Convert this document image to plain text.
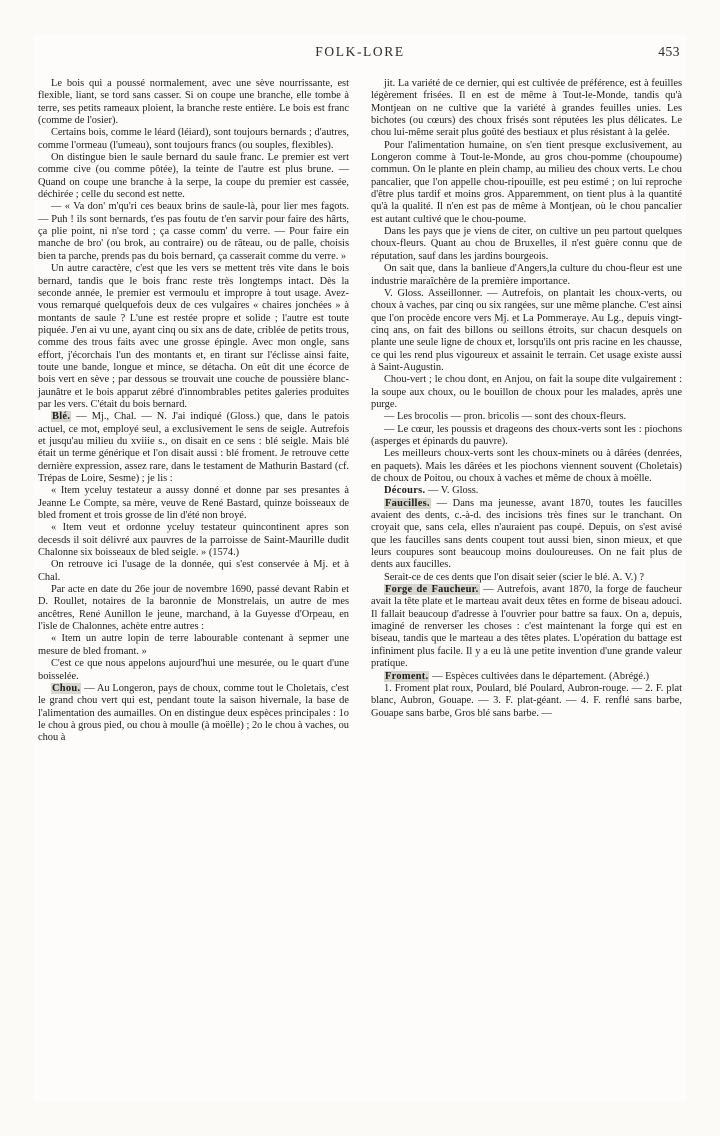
FOLK-LORE	453

Le bois qui a poussé normalement, avec une sève nourrissante, est flexible, liant, se tord sans casser. Si on coupe une branche, elle tombe à terre, ses petits rameaux ploient, la branche reste entière. Le bois est franc (comme de l'osier).

Certains bois, comme le léard (léiard), sont toujours bernards ; d'autres, comme l'ormeau (l'umeau), sont toujours francs (ou souples, flexibles).

On distingue bien le saule bernard du saule franc. Le premier est vert comme cive (ou comme pôtée), la teinte de l'autre est plus brune. — Quand on coupe une branche à la serpe, la coupe du premier est cassée, déchirée ; celle du second est nette.

— « Va don' m'qu'ri ces beaux brins de saule-là, pour lier mes fagots. — Puh ! ils sont bernards, t'es pas foutu de t'en sarvir pour faire des hârts, ça plie point, ni n'se tord ; ça casse comm' du verre. — Pour faire ein manche de bro' (ou brok, au contraire) ou de râteau, ou de palle, choisis bien ta parche, prends pas du bois bernard, ça casserait comme du verre. »

Un autre caractère, c'est que les vers se mettent très vite dans le bois bernard, tandis que le bois franc reste très longtemps intact. Dès la seconde année, le premier est vermoulu et impropre à tout usage. Avez-vous remarqué quelquefois deux de ces vulgaires « chaires jonchées » à montants de saule ? L'une est restée propre et solide ; l'autre est toute piquée. J'en ai vu une, ayant cinq ou six ans de date, criblée de petits trous, comme des trous faits avec une grosse épingle. Avec mon ongle, sans effort, j'écorchais l'un des montants et, en tirant sur l'éclisse ainsi faite, toute une bande, longue et mince, se détacha. On eût dit une écorce de bois vert en sève ; par dessous se trouvait une couche de poussière blanc-jaunâtre et le bois apparut zébré d'innombrables petites galeries produites par les vers. C'était du bois bernard.

Blé. — Mj., Chal. — N. J'ai indiqué (Gloss.) que, dans le patois actuel, ce mot, employé seul, a exclusivement le sens de seigle. Autrefois et jusqu'au milieu du xviiie s., on disait en ce sens : blé seigle. Mais blé était un terme générique et l'on disait aussi : blé froment. Je retrouve cette dernière expression, assez rare, dans le testament de Mathurin Bastard (cf. Trépas de Loire, Sesme) ; je lis :

« Item yceluy testateur a aussy donné et donne par ses presantes à Jeanne Le Compte, sa mère, veuve de René Bastard, quinze boisseaux de bled froment et trois grosse de lin d'été non broyé.

« Item veut et ordonne yceluy testateur quincontinent apres son decesds il soit délivré aux pauvres de la parroisse de Saint-Maurille dudit Chalonne six boisseaux de bled seigle. » (1574.)

On retrouve ici l'usage de la donnée, qui s'est conservée à Mj. et à Chal.

Par acte en date du 26e jour de novembre 1690, passé devant Rabin et D. Roullet, notaires de la baronnie de Monstrelais, un autre de mes ancêtres, René Aunillon le jeune, marchand, à la Guyesse d'Orpeau, en l'isle de Chalonnes, achète entre autres :

« Item un autre lopin de terre labourable contenant à sepmer une mesure de bled fromant. »

C'est ce que nous appelons aujourd'hui une mesurée, ou le quart d'une boisselée.

Chou. — Au Longeron, pays de choux, comme tout le Choletais, c'est le grand chou vert qui est, pendant toute la saison hivernale, la base de l'alimentation des aumailles. On en distingue deux espèces principales : 1o le chou à grous pied, ou chou à moulle (à moëlle) ; 2o le chou à vaches, ou chou à

jit. La variété de ce dernier, qui est cultivée de préférence, est à feuilles légèrement frisées. Il en est de même à Tout-le-Monde, tandis qu'à Montjean on ne cultive que la variété à grandes feuilles unies. Les bichotes (ou cœurs) des choux frisés sont réputées les plus délicates. Le chou lui-même serait plus goûté des bestiaux et plus résistant à la gelée.

Pour l'alimentation humaine, on s'en tient presque exclusivement, au Longeron comme à Tout-le-Monde, au gros chou-pomme (choupoume) commun. On le plante en plein champ, au milieu des choux verts. Le chou pancalier, que l'on appelle chou-ripouille, est peu estimé ; on lui reproche d'être plus tardif et moins gros. Apparemment, on tient plus à la quantité qu'à la qualité. Il n'en est pas de même à Montjean, où le chou pancalier est autant cultivé que le chou-poume.

Dans les pays que je viens de citer, on cultive un peu partout quelques choux-fleurs. Quant au chou de Bruxelles, il n'est guère connu que de réputation, sauf dans les jardins bourgeois.

On sait que, dans la banlieue d'Angers,la culture du chou-fleur est une industrie maraîchère de la première importance.

V. Gloss. Asseillonner. — Autrefois, on plantait les choux-verts, ou choux à vaches, par cinq ou six rangées, sur une même planche. C'est ainsi que l'on procède encore vers Mj. et La Pommeraye. Au Lg., depuis vingt-cinq ans, on fait des billons ou seillons étroits, sur chacun desquels on plante une seule ligne de choux et, lorsqu'ils ont pris racine en les chausse, ce qui les rend plus vigoureux et assainit le terrain. Cet usage existe aussi à Saint-Augustin.

Chou-vert ; le chou dont, en Anjou, on fait la soupe dite vulgairement : la soupe aux choux, ou le bouillon de choux pour les malades, après une purge.

— Les brocolis — pron. bricolis — sont des choux-fleurs.

— Le cœur, les poussis et drageons des choux-verts sont les : piochons (asperges et épinards du pauvre).

Les meilleurs choux-verts sont les choux-minets ou à dârées (denrées, en paquets). Mais les dârées et les piochons viennent souvent (Choletais) de choux de Poitou, ou choux à vaches et même de choux à moëlle.

Décours. — V. Gloss.

Faucilles. — Dans ma jeunesse, avant 1870, toutes les faucilles avaient des dents, c.-à-d. des incisions très fines sur le tranchant. On croyait que, sans cela, elles n'auraient pas coupé. Depuis, on s'est avisé que les faucilles sans dents coupent tout aussi bien, sinon mieux, et que leurs coupures sont beaucoup moins douloureuses. On ne fait plus de dents aux faucilles.

Serait-ce de ces dents que l'on disait seier (scier le blé. A. V.) ?

Forge de Faucheur. — Autrefois, avant 1870, la forge de faucheur avait la tête plate et le marteau avait deux têtes en forme de biseau adouci. Il fallait beaucoup d'adresse à l'ouvrier pour battre sa faux. On a, depuis, imaginé de renverser les choses : c'est maintenant la forge qui est en biseau, tandis que le marteau a des têtes plates. L'opération du battage est infiniment plus facile. Il y a eu là une petite invention d'une grande valeur pratique.

Froment. — Espèces cultivées dans le département. (Abrégé.)

1. Froment plat roux, Poulard, blé Poulard, Aubron-rouge. — 2. F. plat blanc, Aubron, Gouape. — 3. F. plat-géant. — 4. F. renflé sans barbe, Gouape sans barbe, Gros blé sans barbe. —
